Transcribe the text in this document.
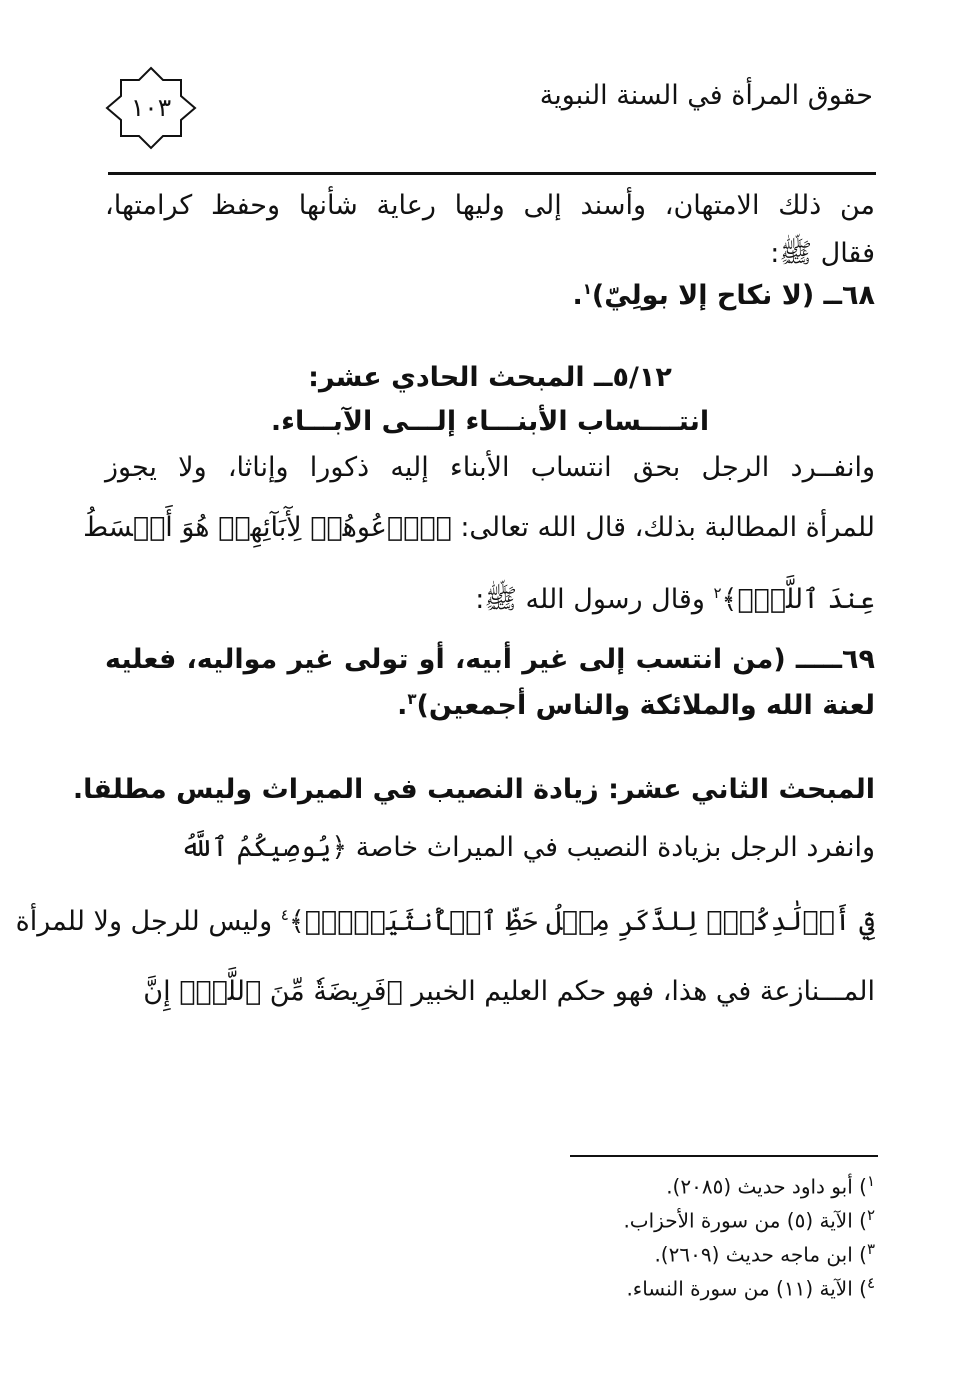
حقوق المرأة في السنة النبوية
١٠٣
من ذلك الامتهان، وأسند إلى وليها رعاية شأنها وحفظ كرامتها،
فقال ﷺ:
٦٨ــ (لا نكاح إلا بولِيّ)$^١$.
٥/١٢ــ المبحث الحادي عشر:
انتــــساب الأبنـــاء إلـــى الآبـــاء.
وانفــرد الرجل بحق انتساب الأبناء إليه ذكورا وإناثا، ولا يجوز
للمرأة المطالبة بذلك، قال الله تعالى: ﴿ٱدۡعُوهُمۡ لِأٓبَآئِهِمۡ هُوَ أَقۡسَطُ
عِندَ ٱللَّهِۚ﴾$^٢$ وقال رسول الله ﷺ:
٦٩ـــــ (من انتسب إلى غير أبيه، أو تولى غير مواليه، فعليه
لعنة الله والملائكة والناس أجمعين)$^٣$.
المبحث الثاني عشر: زيادة النصيب في الميراث وليس مطلقا.
وانفرد الرجل بزيادة النصيب في الميراث خاصة ﴿يُوصِيكُمُ ٱللَّهُ
فِيٓ أَوۡلَٰدِكُمۡۖ لِلذَّكَرِ مِثۡلُ حَظِّ ٱلۡأُنثَيَيۡنِۚ﴾$^٤$ وليس للرجل ولا للمرأة
المـــنازعة في هذا، فهو حكم العليم الخبير ﴿فَرِيضَةٗ مِّنَ ٱللَّهِۗ إِنَّ
$^١$) أبو داود حديث (٢٠٨٥).
$^٢$) الآية (٥) من سورة الأحزاب.
$^٣$) ابن ماجه حديث (٢٦٠٩).
$^٤$) الآية (١١) من سورة النساء.
